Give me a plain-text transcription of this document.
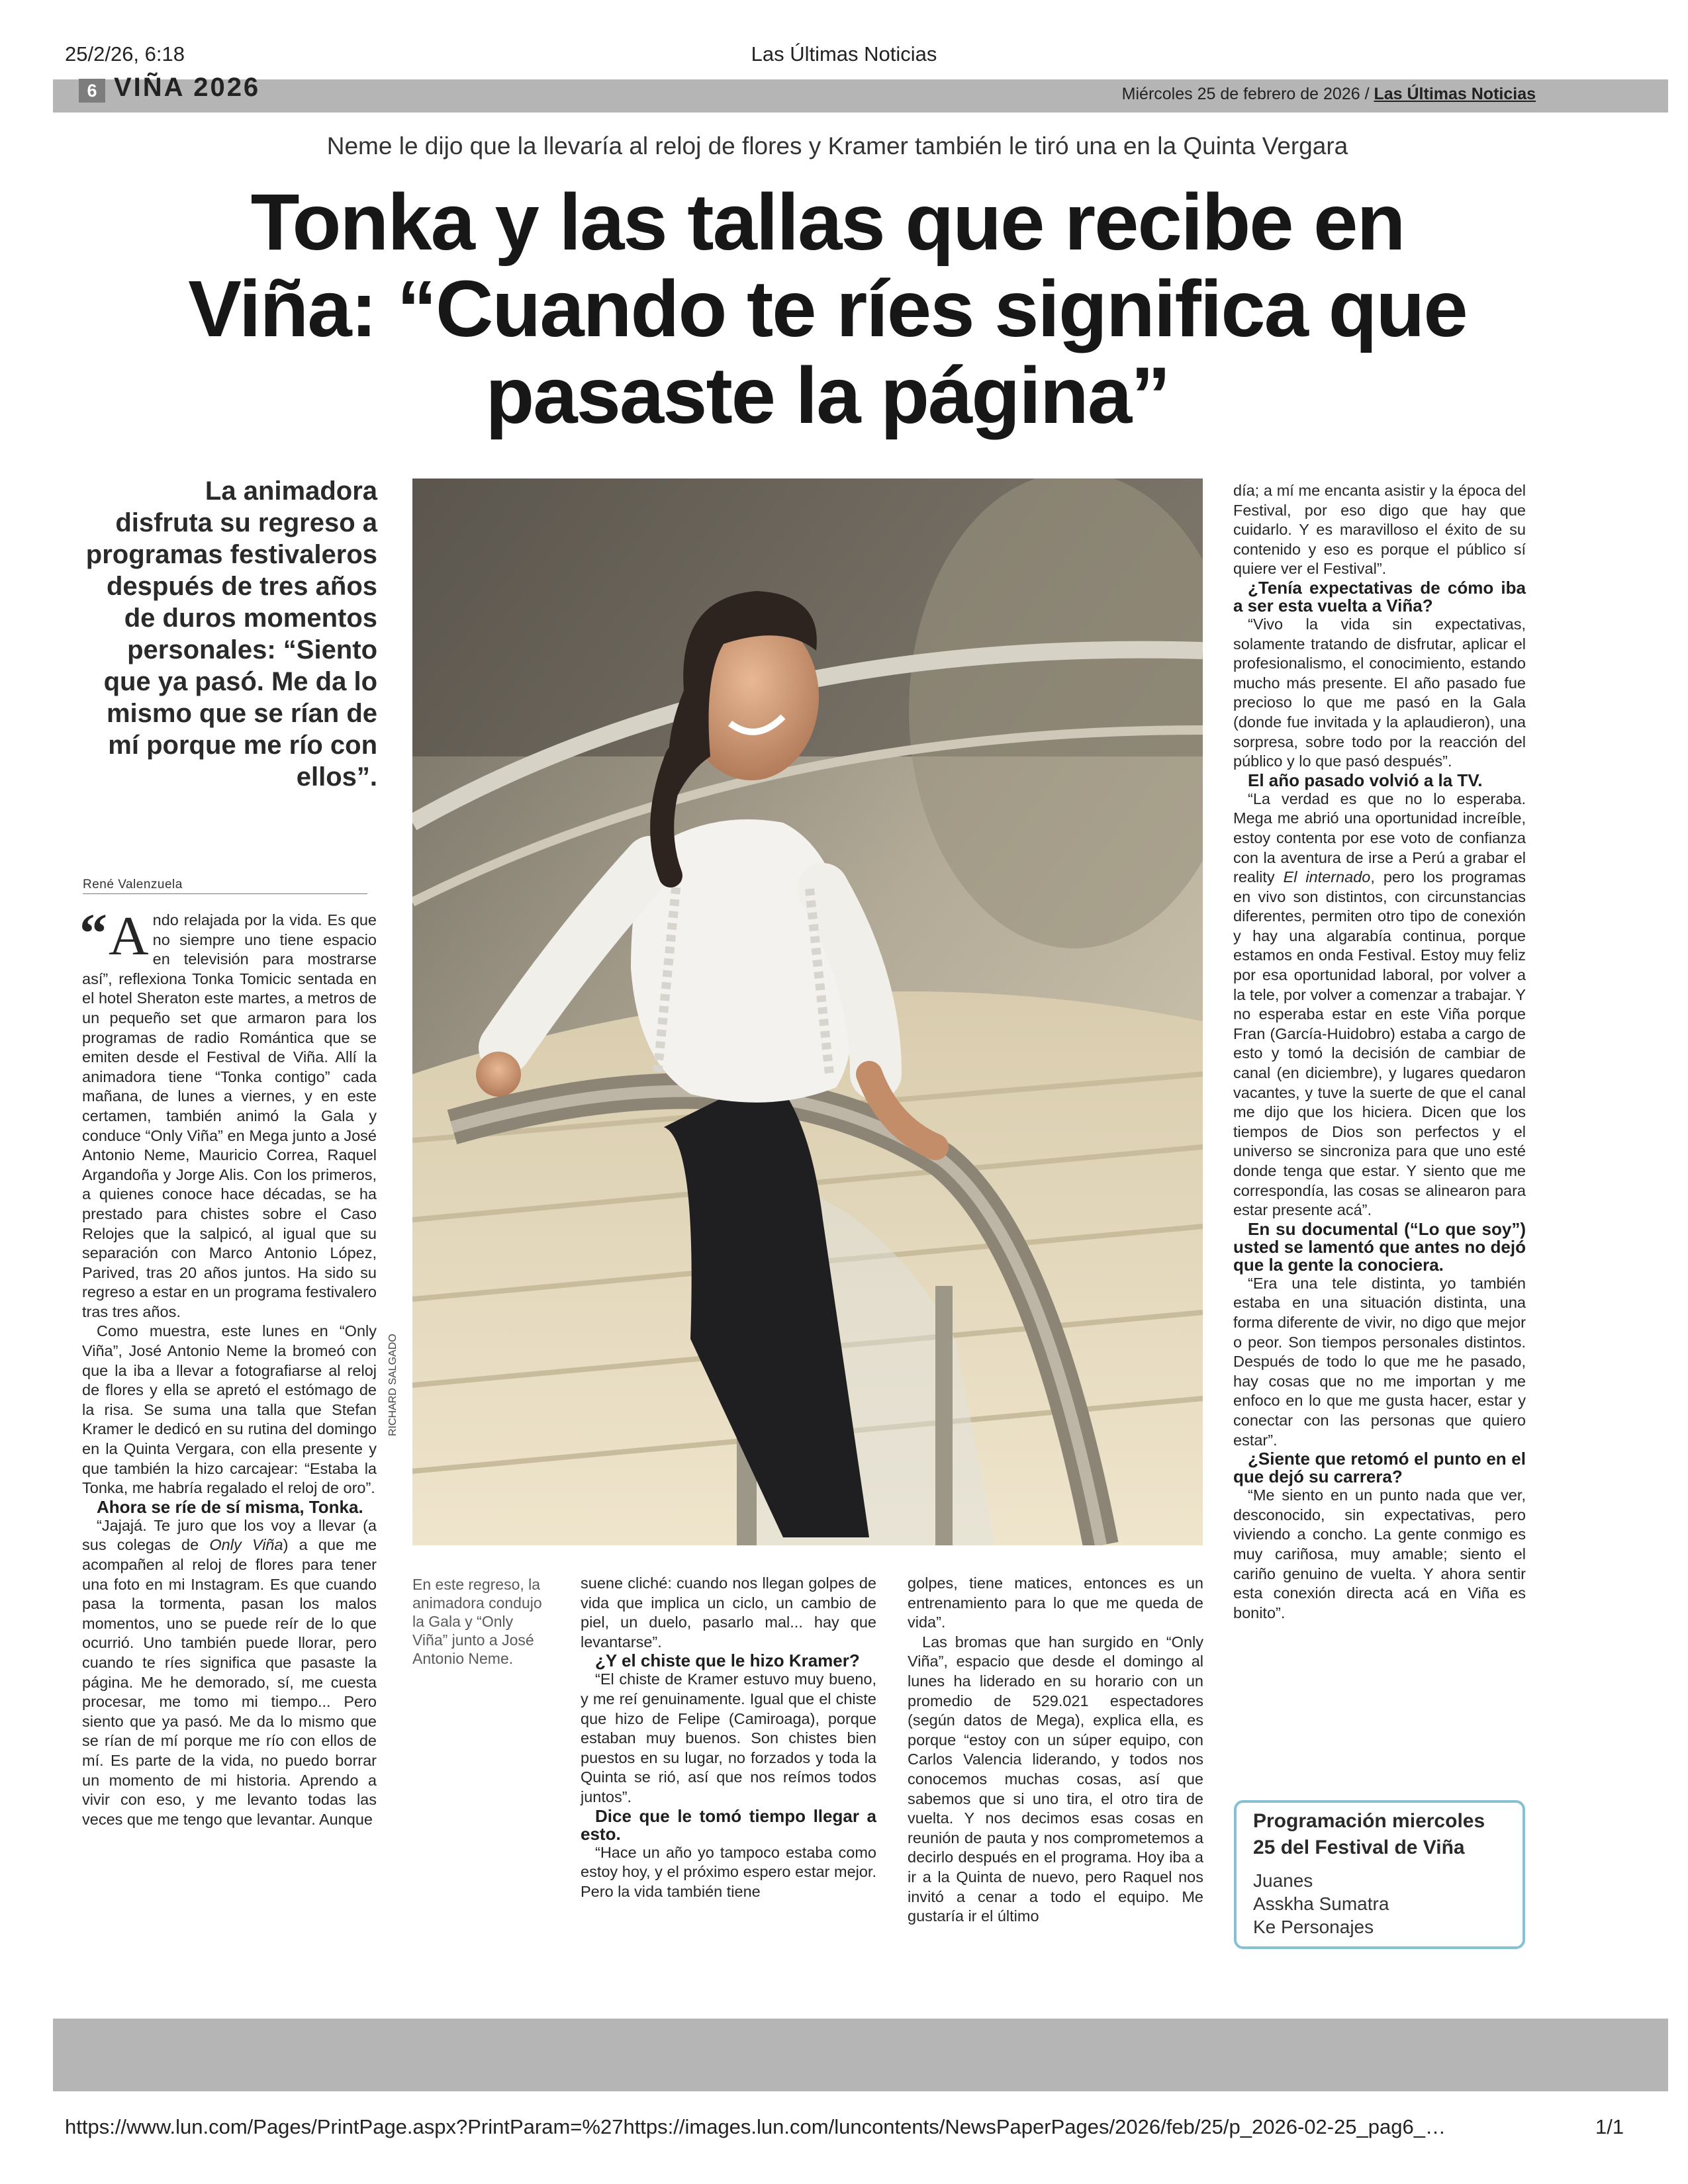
25/2/26, 6:18	Las Últimas Noticias
https://www.lun.com/Pages/PrintPage.aspx?PrintParam=%27https://images.lun.com/luncontents/NewsPaperPages/2026/feb/25/p_2026-02-25_pag6_…	1/1
6 VIÑA 2026	Miércoles 25 de febrero de 2026 / Las Últimas Noticias
Neme le dijo que la llevaría al reloj de flores y Kramer también le tiró una en la Quinta Vergara
Tonka y las tallas que recibe en
Viña: “Cuando te ríes significa que
pasaste la página”
La animadora
disfruta su regreso a
programas festivaleros
después de tres años
de duros momentos
personales: “Siento
que ya pasó. Me da lo
mismo que se rían de
mí porque me río con
ellos”.
René Valenzuela

“ A ndo relajada por la vida. Es que no siempre uno tiene espacio en televisión para mostrarse así”, reflexiona Tonka Tomicic sentada en el hotel Sheraton este martes, a metros de un pequeño set que armaron para los programas de radio Romántica que se emiten desde el Festival de Viña. Allí la animadora tiene “Tonka contigo” cada mañana, de lunes a viernes, y en este certamen, también animó la Gala y conduce “Only Viña” en Mega junto a José Antonio Neme, Mauricio Correa, Raquel Argandoña y Jorge Alis. Con los primeros, a quienes conoce hace décadas, se ha prestado para chistes sobre el Caso Relojes que la salpicó, al igual que su separación con Marco Antonio López, Parived, tras 20 años juntos. Ha sido su regreso a estar en un programa festivalero tras tres años.

Como muestra, este lunes en “Only Viña”, José Antonio Neme la bromeó con que la iba a llevar a fotografiarse al reloj de flores y ella se apretó el estómago de la risa. Se suma una talla que Stefan Kramer le dedicó en su rutina del domingo en la Quinta Vergara, con ella presente y que también la hizo carcajear: “Estaba la Tonka, me habría regalado el reloj de oro”.

Ahora se ríe de sí misma, Tonka.

“Jajajá. Te juro que los voy a llevar (a sus colegas de Only Viña) a que me acompañen al reloj de flores para tener una foto en mi Instagram. Es que cuando pasa la tormenta, pasan los malos momentos, uno se puede reír de lo que ocurrió. Uno también puede llorar, pero cuando te ríes significa que pasaste la página. Me he demorado, sí, me cuesta procesar, me tomo mi tiempo... Pero siento que ya pasó. Me da lo mismo que se rían de mí porque me río con ellos de mí. Es parte de la vida, no puedo borrar un momento de mi historia. Aprendo a vivir con eso, y me levanto todas las veces que me tengo que levantar. Aunque

RICHARD SALGADO
En este regreso, la animadora condujo la Gala y “Only Viña” junto a José Antonio Neme.

suene cliché: cuando nos llegan golpes de vida que implica un ciclo, un cambio de piel, un duelo, pasarlo mal... hay que levantarse”.

¿Y el chiste que le hizo Kramer?

“El chiste de Kramer estuvo muy bueno, y me reí genuinamente. Igual que el chiste que hizo de Felipe (Camiroaga), porque estaban muy buenos. Son chistes bien puestos en su lugar, no forzados y toda la Quinta se rió, así que nos reímos todos juntos”.

Dice que le tomó tiempo llegar a esto.

“Hace un año yo tampoco estaba como estoy hoy, y el próximo espero estar mejor. Pero la vida también tiene

golpes, tiene matices, entonces es un entrenamiento para lo que me queda de vida”.

Las bromas que han surgido en “Only Viña”, espacio que desde el domingo al lunes ha liderado en su horario con un promedio de 529.021 espectadores (según datos de Mega), explica ella, es porque “estoy con un súper equipo, con Carlos Valencia liderando, y todos nos conocemos muchas cosas, así que sabemos que si uno tira, el otro tira de vuelta. Y nos decimos esas cosas en reunión de pauta y nos comprometemos a decirlo después en el programa. Hoy iba a ir a la Quinta de nuevo, pero Raquel nos invitó a cenar a todo el equipo. Me gustaría ir el último

día; a mí me encanta asistir y la época del Festival, por eso digo que hay que cuidarlo. Y es maravilloso el éxito de su contenido y eso es porque el público sí quiere ver el Festival”.

¿Tenía expectativas de cómo iba a ser esta vuelta a Viña?

“Vivo la vida sin expectativas, solamente tratando de disfrutar, aplicar el profesionalismo, el conocimiento, estando mucho más presente. El año pasado fue precioso lo que me pasó en la Gala (donde fue invitada y la aplaudieron), una sorpresa, sobre todo por la reacción del público y lo que pasó después”.

El año pasado volvió a la TV.

“La verdad es que no lo esperaba. Mega me abrió una oportunidad increíble, estoy contenta por ese voto de confianza con la aventura de irse a Perú a grabar el reality El internado, pero los programas en vivo son distintos, con circunstancias diferentes, permiten otro tipo de conexión y hay una algarabía continua, porque estamos en onda Festival. Estoy muy feliz por esa oportunidad laboral, por volver a la tele, por volver a comenzar a trabajar. Y no esperaba estar en este Viña porque Fran (García-Huidobro) estaba a cargo de esto y tomó la decisión de cambiar de canal (en diciembre), y lugares quedaron vacantes, y tuve la suerte de que el canal me dijo que los hiciera. Dicen que los tiempos de Dios son perfectos y el universo se sincroniza para que uno esté donde tenga que estar. Y siento que me correspondía, las cosas se alinearon para estar presente acá”.

En su documental (“Lo que soy”) usted se lamentó que antes no dejó que la gente la conociera.

“Era una tele distinta, yo también estaba en una situación distinta, una forma diferente de vivir, no digo que mejor o peor. Son tiempos personales distintos. Después de todo lo que me he pasado, hay cosas que no me importan y me enfoco en lo que me gusta hacer, estar y conectar con las personas que quiero estar”.

¿Siente que retomó el punto en el que dejó su carrera?

“Me siento en un punto nada que ver, desconocido, sin expectativas, pero viviendo a concho. La gente conmigo es muy cariñosa, muy amable; siento el cariño genuino de vuelta. Y ahora sentir esta conexión directa acá en Viña es bonito”.

Programación miercoles
25 del Festival de Viña
Juanes
Asskha Sumatra
Ke Personajes
